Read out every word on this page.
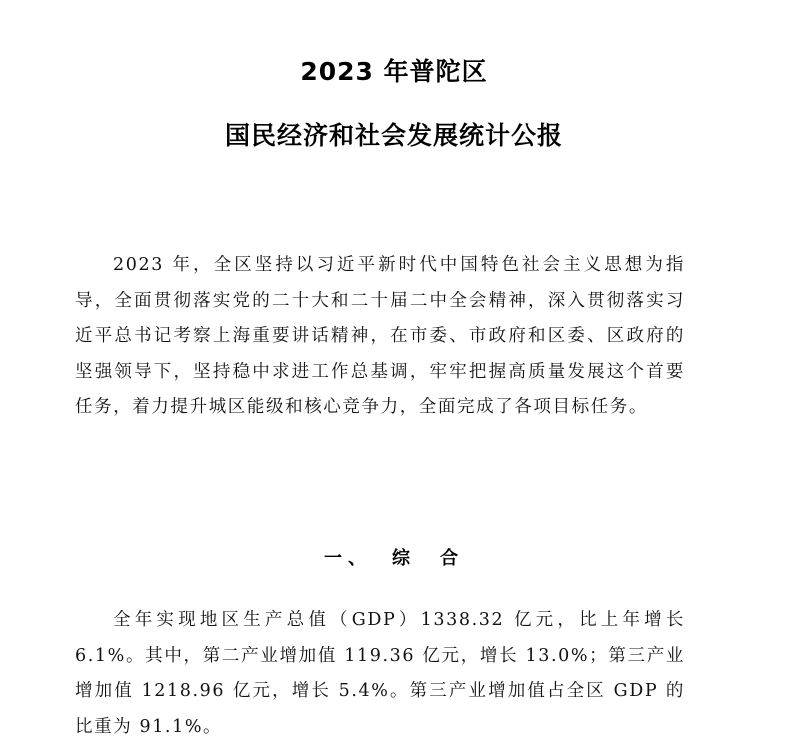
2023 年普陀区
国民经济和社会发展统计公报
2023 年，全区坚持以习近平新时代中国特色社会主义思想为指导，全面贯彻落实党的二十大和二十届二中全会精神，深入贯彻落实习近平总书记考察上海重要讲话精神，在市委、市政府和区委、区政府的坚强领导下，坚持稳中求进工作总基调，牢牢把握高质量发展这个首要任务，着力提升城区能级和核心竞争力，全面完成了各项目标任务。
一、 综　合
全年实现地区生产总值（GDP）1338.32 亿元，比上年增长 6.1%。其中，第二产业增加值 119.36 亿元，增长 13.0%；第三产业增加值 1218.96 亿元，增长 5.4%。第三产业增加值占全区 GDP 的比重为 91.1%。
